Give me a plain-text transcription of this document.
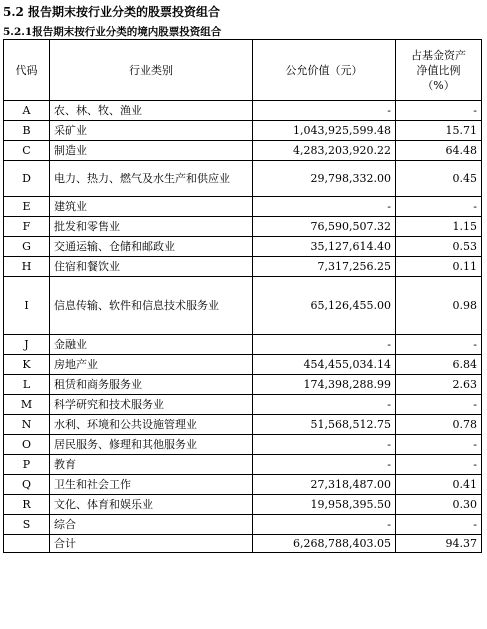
5.2 报告期末按行业分类的股票投资组合
5.2.1报告期末按行业分类的境内股票投资组合
代码	行业类别	公允价值（元）	占基金资产
净值比例
（%）

A	农、林、牧、渔业	-	-
B	采矿业	1,043,925,599.48	15.71
C	制造业	4,283,203,920.22	64.48
D	电力、热力、燃气及水生产和供应业	29,798,332.00	0.45
E	建筑业	-	-
F	批发和零售业	76,590,507.32	1.15
G	交通运输、仓储和邮政业	35,127,614.40	0.53
H	住宿和餐饮业	7,317,256.25	0.11
I	信息传输、软件和信息技术服务业	65,126,455.00	0.98
J	金融业	-	-
K	房地产业	454,455,034.14	6.84
L	租赁和商务服务业	174,398,288.99	2.63
M	科学研究和技术服务业	-	-
N	水利、环境和公共设施管理业	51,568,512.75	0.78
O	居民服务、修理和其他服务业	-	-
P	教育	-	-
Q	卫生和社会工作	27,318,487.00	0.41
R	文化、体育和娱乐业	19,958,395.50	0.30
S	综合	-	-
	合计	6,268,788,403.05	94.37
